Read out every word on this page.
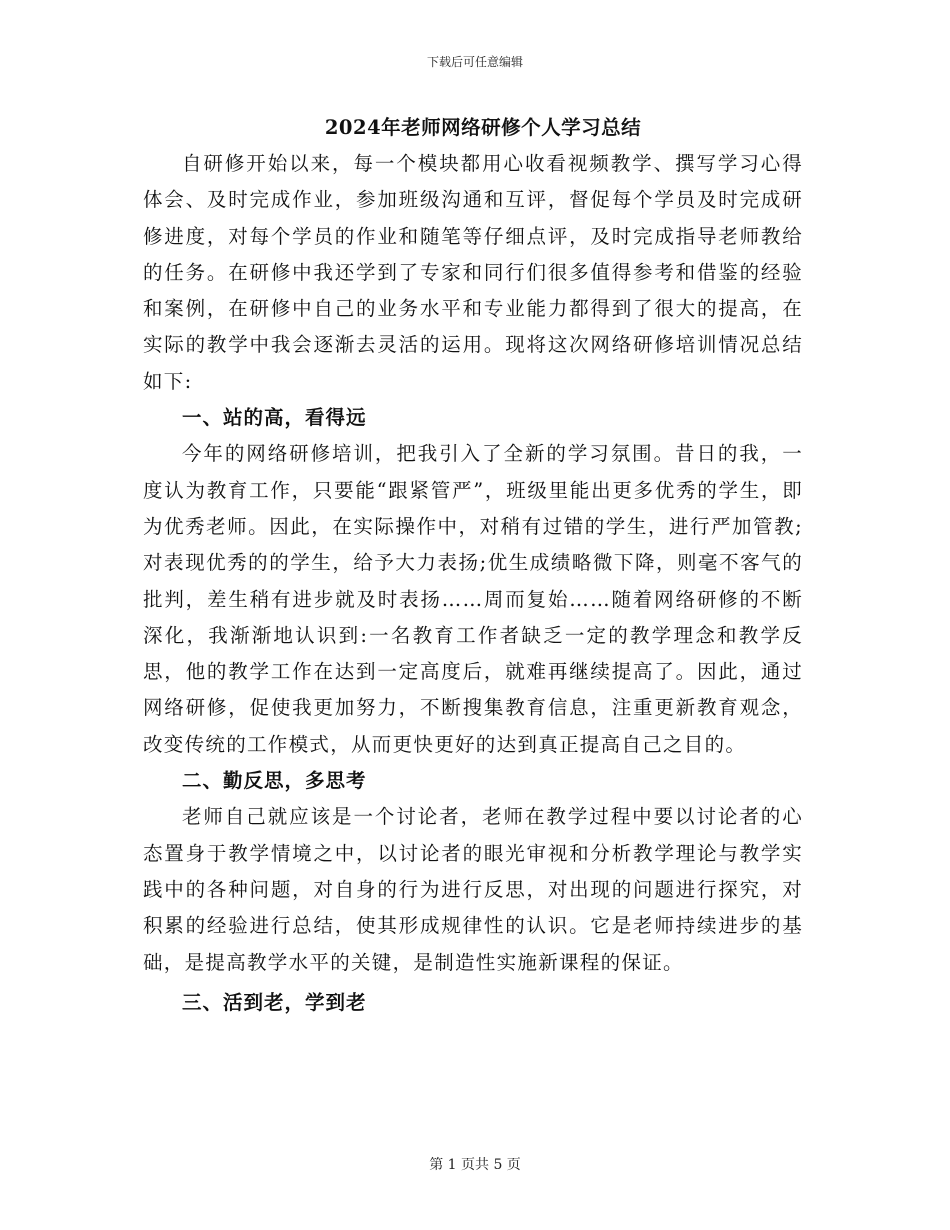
下载后可任意编辑
2024年老师网络研修个人学习总结

自研修开始以来，每一个模块都用心收看视频教学、撰写学习心得体会、及时完成作业，参加班级沟通和互评，督促每个学员及时完成研修进度，对每个学员的作业和随笔等仔细点评，及时完成指导老师教给的任务。在研修中我还学到了专家和同行们很多值得参考和借鉴的经验和案例，在研修中自己的业务水平和专业能力都得到了很大的提高，在实际的教学中我会逐渐去灵活的运用。现将这次网络研修培训情况总结如下:

一、站的高，看得远

今年的网络研修培训，把我引入了全新的学习氛围。昔日的我，一度认为教育工作，只要能“跟紧管严”，班级里能出更多优秀的学生，即为优秀老师。因此，在实际操作中，对稍有过错的学生，进行严加管教;对表现优秀的的学生，给予大力表扬;优生成绩略微下降，则毫不客气的批判，差生稍有进步就及时表扬……周而复始……随着网络研修的不断深化，我渐渐地认识到:一名教育工作者缺乏一定的教学理念和教学反思，他的教学工作在达到一定高度后，就难再继续提高了。因此，通过网络研修，促使我更加努力，不断搜集教育信息，注重更新教育观念，改变传统的工作模式，从而更快更好的达到真正提高自己之目的。

二、勤反思，多思考

老师自己就应该是一个讨论者，老师在教学过程中要以讨论者的心态置身于教学情境之中，以讨论者的眼光审视和分析教学理论与教学实践中的各种问题，对自身的行为进行反思，对出现的问题进行探究，对积累的经验进行总结，使其形成规律性的认识。它是老师持续进步的基础，是提高教学水平的关键，是制造性实施新课程的保证。

三、活到老，学到老
第 1 页共 5 页
